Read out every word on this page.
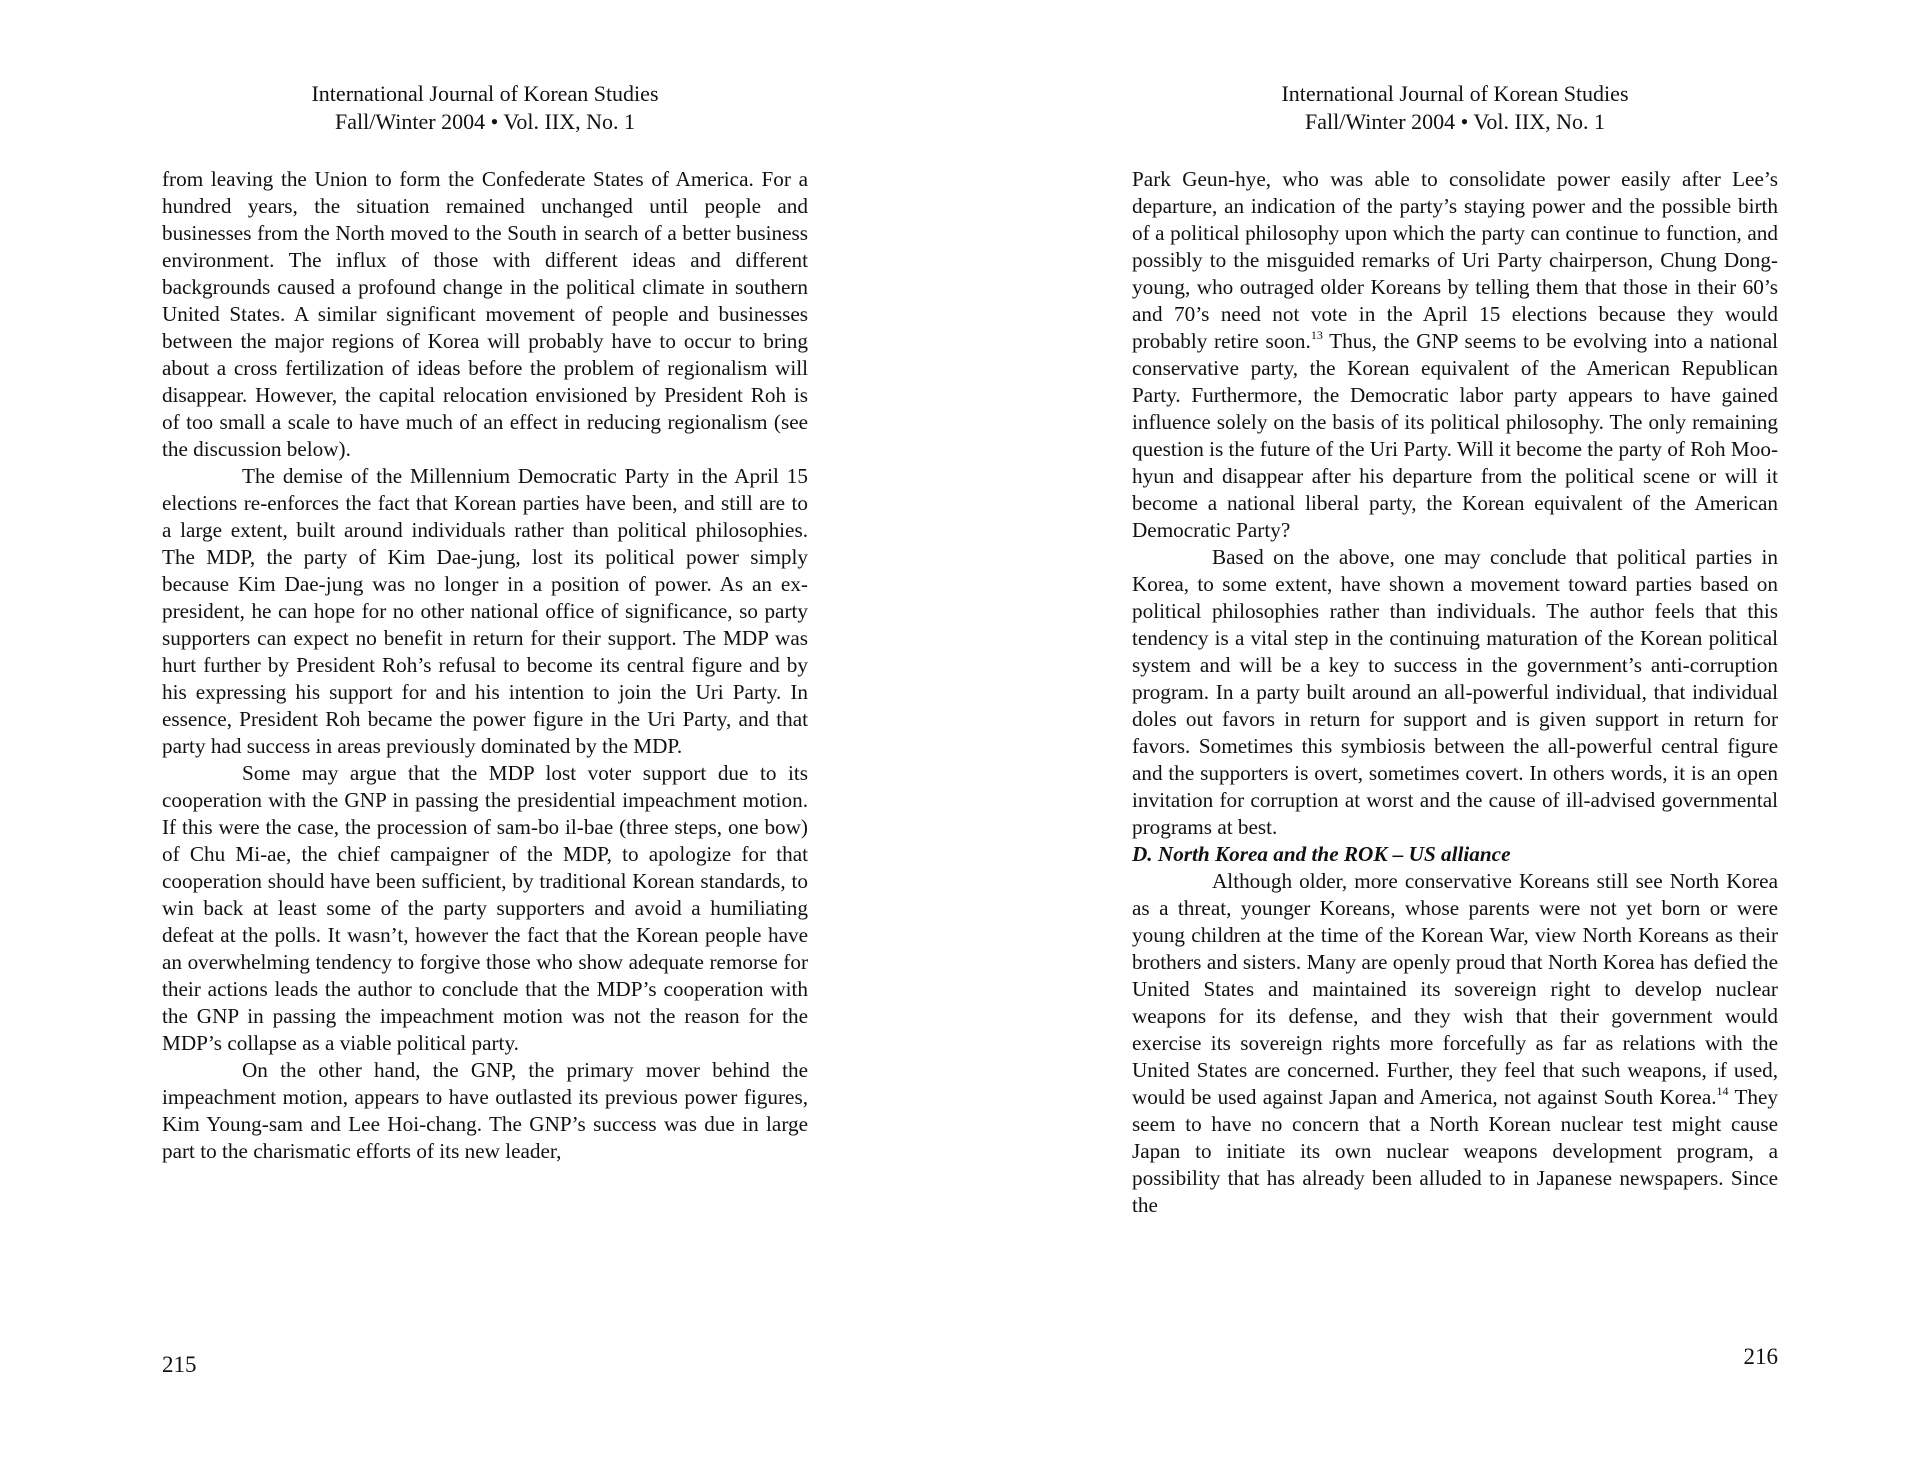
International Journal of Korean Studies
Fall/Winter 2004 • Vol. IIX, No. 1

from leaving the Union to form the Confederate States of America. For a hundred years, the situation remained unchanged until people and businesses from the North moved to the South in search of a better business environment. The influx of those with different ideas and different backgrounds caused a profound change in the political climate in southern United States. A similar significant movement of people and businesses between the major regions of Korea will probably have to occur to bring about a cross fertilization of ideas before the problem of regionalism will disappear. However, the capital relocation envisioned by President Roh is of too small a scale to have much of an effect in reducing regionalism (see the discussion below).

The demise of the Millennium Democratic Party in the April 15 elections re-enforces the fact that Korean parties have been, and still are to a large extent, built around individuals rather than political philosophies. The MDP, the party of Kim Dae-jung, lost its political power simply because Kim Dae-jung was no longer in a position of power. As an ex-president, he can hope for no other national office of significance, so party supporters can expect no benefit in return for their support. The MDP was hurt further by President Roh’s refusal to become its central figure and by his expressing his support for and his intention to join the Uri Party. In essence, President Roh became the power figure in the Uri Party, and that party had success in areas previously dominated by the MDP.

Some may argue that the MDP lost voter support due to its cooperation with the GNP in passing the presidential impeachment motion. If this were the case, the procession of sam-bo il-bae (three steps, one bow) of Chu Mi-ae, the chief campaigner of the MDP, to apologize for that cooperation should have been sufficient, by traditional Korean standards, to win back at least some of the party supporters and avoid a humiliating defeat at the polls. It wasn’t, however the fact that the Korean people have an overwhelming tendency to forgive those who show adequate remorse for their actions leads the author to conclude that the MDP’s cooperation with the GNP in passing the impeachment motion was not the reason for the MDP’s collapse as a viable political party.

On the other hand, the GNP, the primary mover behind the impeachment motion, appears to have outlasted its previous power figures, Kim Young-sam and Lee Hoi-chang. The GNP’s success was due in large part to the charismatic efforts of its new leader,

215
International Journal of Korean Studies
Fall/Winter 2004 • Vol. IIX, No. 1

Park Geun-hye, who was able to consolidate power easily after Lee’s departure, an indication of the party’s staying power and the possible birth of a political philosophy upon which the party can continue to function, and possibly to the misguided remarks of Uri Party chairperson, Chung Dong-young, who outraged older Koreans by telling them that those in their 60’s and 70’s need not vote in the April 15 elections because they would probably retire soon.$^{13}$ Thus, the GNP seems to be evolving into a national conservative party, the Korean equivalent of the American Republican Party. Furthermore, the Democratic labor party appears to have gained influence solely on the basis of its political philosophy. The only remaining question is the future of the Uri Party. Will it become the party of Roh Moo-hyun and disappear after his departure from the political scene or will it become a national liberal party, the Korean equivalent of the American Democratic Party?

Based on the above, one may conclude that political parties in Korea, to some extent, have shown a movement toward parties based on political philosophies rather than individuals. The author feels that this tendency is a vital step in the continuing maturation of the Korean political system and will be a key to success in the government’s anti-corruption program. In a party built around an all-powerful individual, that individual doles out favors in return for support and is given support in return for favors. Sometimes this symbiosis between the all-powerful central figure and the supporters is overt, sometimes covert. In others words, it is an open invitation for corruption at worst and the cause of ill-advised governmental programs at best.

D. North Korea and the ROK – US alliance

Although older, more conservative Koreans still see North Korea as a threat, younger Koreans, whose parents were not yet born or were young children at the time of the Korean War, view North Koreans as their brothers and sisters. Many are openly proud that North Korea has defied the United States and maintained its sovereign right to develop nuclear weapons for its defense, and they wish that their government would exercise its sovereign rights more forcefully as far as relations with the United States are concerned. Further, they feel that such weapons, if used, would be used against Japan and America, not against South Korea.$^{14}$ They seem to have no concern that a North Korean nuclear test might cause Japan to initiate its own nuclear weapons development program, a possibility that has already been alluded to in Japanese newspapers. Since the

216
